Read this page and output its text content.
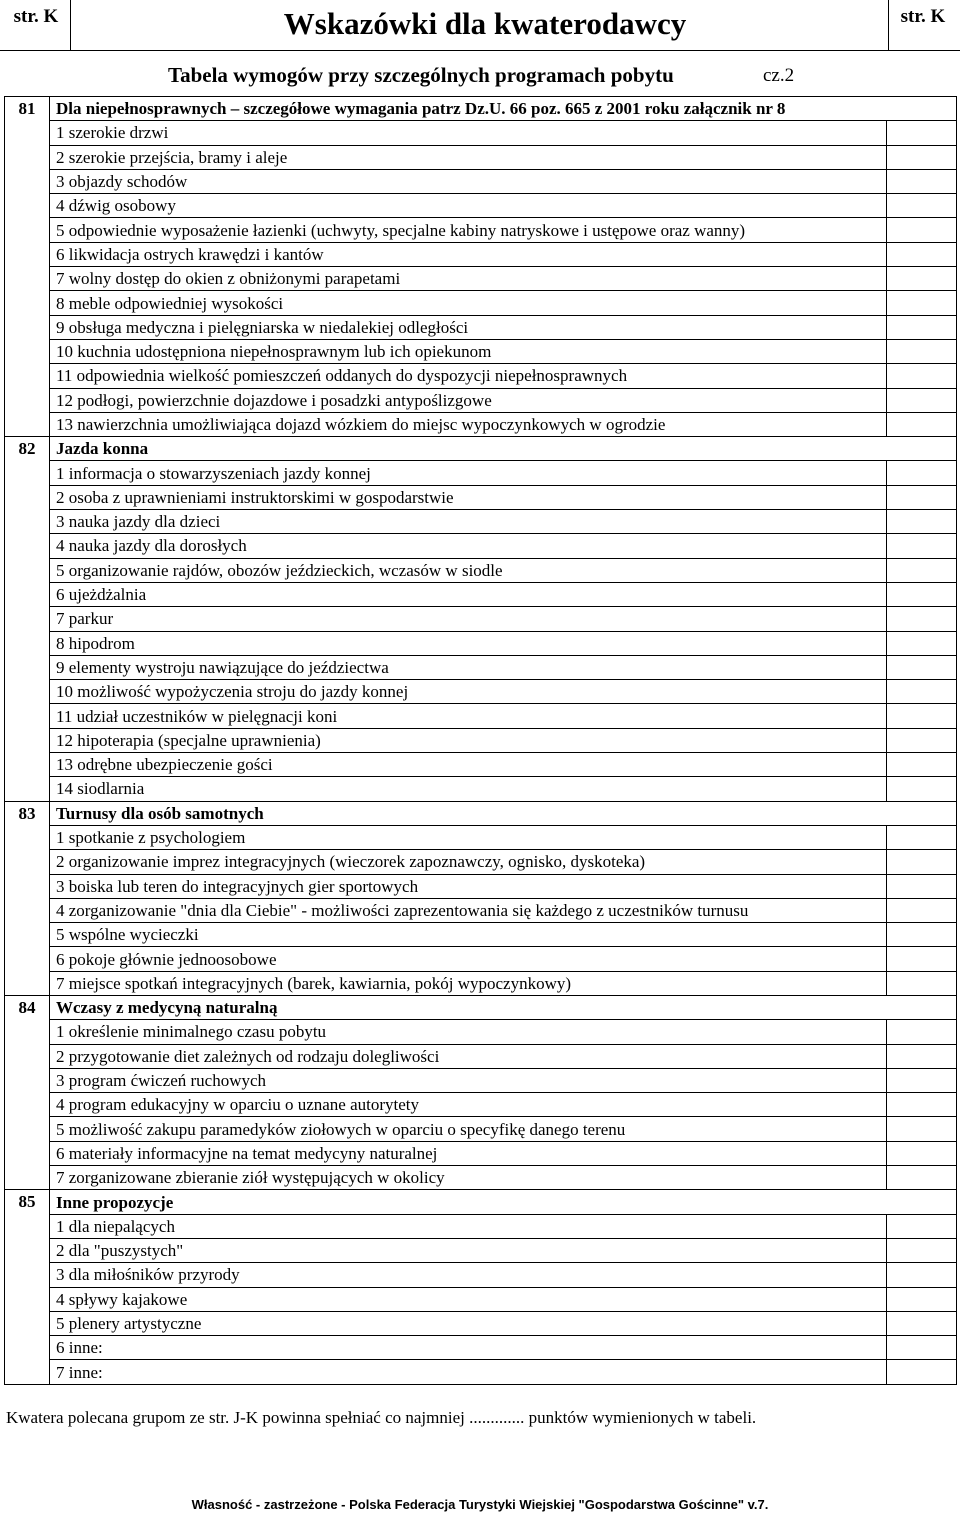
str. K	Wskazówki dla kwaterodawcy	str. K
Tabela wymogów przy szczególnych programach pobytu	cz.2
81	Dla niepełnosprawnych – szczegółowe wymagania patrz Dz.U. 66 poz. 665 z 2001 roku załącznik nr 8	
	1 szerokie drzwi	
	2 szerokie przejścia, bramy i aleje	
	3 objazdy schodów	
	4 dźwig osobowy	
	5 odpowiednie wyposażenie łazienki (uchwyty, specjalne kabiny natryskowe i ustępowe oraz wanny)	
	6 likwidacja ostrych krawędzi i kantów	
	7 wolny dostęp do okien z obniżonymi parapetami	
	8 meble odpowiedniej wysokości	
	9 obsługa medyczna i pielęgniarska w niedalekiej odległości	
	10 kuchnia udostępniona niepełnosprawnym lub ich opiekunom	
	11 odpowiednia wielkość pomieszczeń oddanych do dyspozycji niepełnosprawnych	
	12 podłogi, powierzchnie dojazdowe i posadzki antypoślizgowe	
	13 nawierzchnia umożliwiająca dojazd wózkiem do miejsc wypoczynkowych w ogrodzie	
82	Jazda konna	
	1 informacja o stowarzyszeniach jazdy konnej	
	2 osoba z uprawnieniami instruktorskimi w gospodarstwie	
	3 nauka jazdy dla dzieci	
	4 nauka jazdy dla dorosłych	
	5 organizowanie rajdów, obozów jeździeckich, wczasów w siodle	
	6 ujeżdżalnia	
	7 parkur	
	8 hipodrom	
	9 elementy wystroju nawiązujące do jeździectwa	
	10 możliwość wypożyczenia stroju do jazdy konnej	
	11 udział uczestników w pielęgnacji koni	
	12 hipoterapia (specjalne uprawnienia)	
	13 odrębne ubezpieczenie gości	
	14 siodlarnia	
83	Turnusy dla osób samotnych	
	1 spotkanie z psychologiem	
	2 organizowanie imprez integracyjnych (wieczorek zapoznawczy, ognisko, dyskoteka)	
	3 boiska lub teren do integracyjnych gier sportowych	
	4 zorganizowanie "dnia dla Ciebie" - możliwości zaprezentowania się każdego z uczestników turnusu	
	5 wspólne wycieczki	
	6 pokoje głównie jednoosobowe	
	7 miejsce spotkań integracyjnych (barek, kawiarnia, pokój wypoczynkowy)	
84	Wczasy z medycyną naturalną	
	1 określenie minimalnego czasu pobytu	
	2 przygotowanie diet zależnych od rodzaju dolegliwości	
	3 program ćwiczeń ruchowych	
	4 program edukacyjny w oparciu o uznane autorytety	
	5 możliwość zakupu paramedyków ziołowych w oparciu o specyfikę danego terenu	
	6 materiały informacyjne na temat medycyny naturalnej	
	7 zorganizowane zbieranie ziół występujących w okolicy	
85	Inne propozycje	
	1 dla niepalących	
	2 dla "puszystych"	
	3 dla miłośników przyrody	
	4 spływy kajakowe	
	5 plenery artystyczne	
	6 inne:	
	7 inne:	
Kwatera polecana grupom ze str. J-K powinna spełniać co najmniej ............. punktów wymienionych w tabeli.
Własność - zastrzeżone - Polska Federacja Turystyki Wiejskiej "Gospodarstwa Gościnne" v.7.
